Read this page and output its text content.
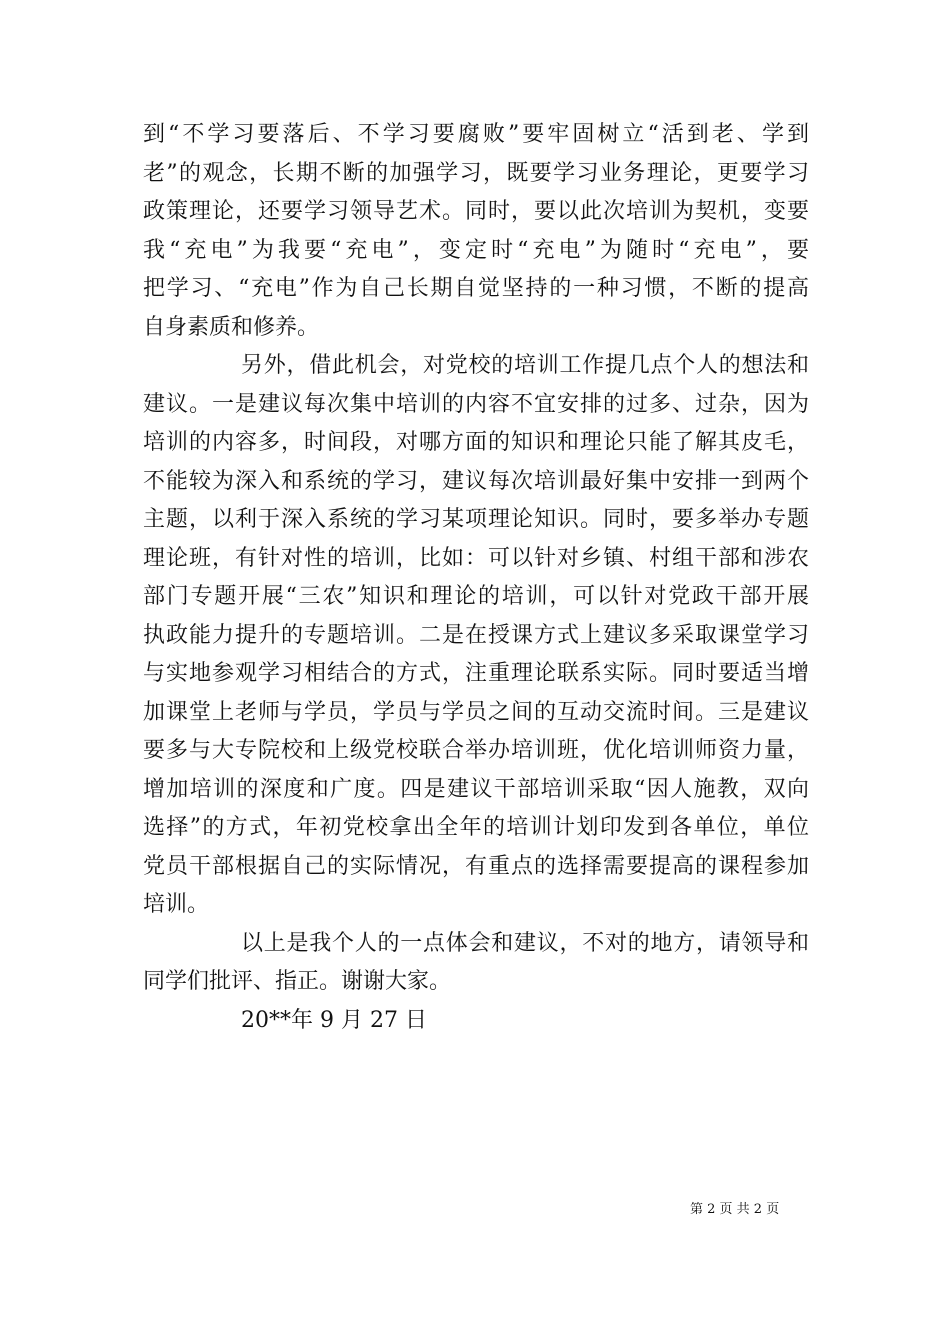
到“不学习要落后、不学习要腐败”要牢固树立“活到老、学到
老”的观念，长期不断的加强学习，既要学习业务理论，更要学习
政策理论，还要学习领导艺术。同时，要以此次培训为契机，变要
我“充电”为我要“充电”，变定时“充电”为随时“充电”，要
把学习、“充电”作为自己长期自觉坚持的一种习惯，不断的提高
自身素质和修养。
另外，借此机会，对党校的培训工作提几点个人的想法和
建议。一是建议每次集中培训的内容不宜安排的过多、过杂，因为
培训的内容多，时间段，对哪方面的知识和理论只能了解其皮毛，
不能较为深入和系统的学习，建议每次培训最好集中安排一到两个
主题，以利于深入系统的学习某项理论知识。同时，要多举办专题
理论班，有针对性的培训，比如：可以针对乡镇、村组干部和涉农
部门专题开展“三农”知识和理论的培训，可以针对党政干部开展
执政能力提升的专题培训。二是在授课方式上建议多采取课堂学习
与实地参观学习相结合的方式，注重理论联系实际。同时要适当增
加课堂上老师与学员，学员与学员之间的互动交流时间。三是建议
要多与大专院校和上级党校联合举办培训班，优化培训师资力量，
增加培训的深度和广度。四是建议干部培训采取“因人施教，双向
选择”的方式，年初党校拿出全年的培训计划印发到各单位，单位
党员干部根据自己的实际情况，有重点的选择需要提高的课程参加
培训。
以上是我个人的一点体会和建议，不对的地方，请领导和
同学们批评、指正。谢谢大家。
20**年 9 月 27 日
第 2 页 共 2 页
